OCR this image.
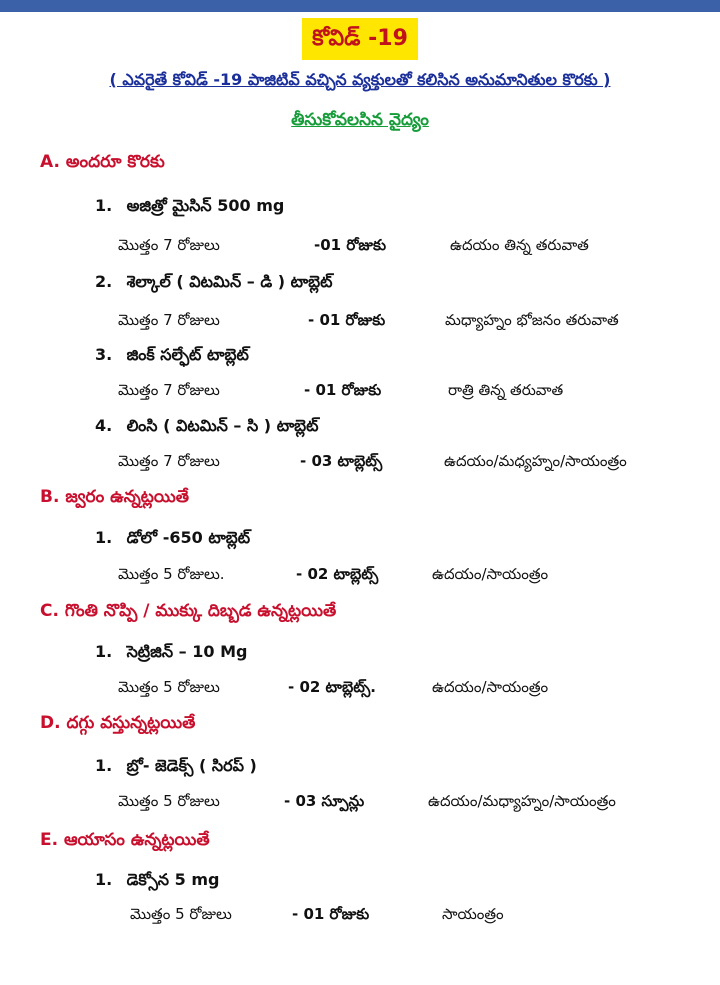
కోవిడ్ -19
( ఎవరైతే కోవిడ్ -19 పాజిటివ్ వచ్చిన వ్యక్తులతో కలిసిన అనుమానితుల కొరకు )
తీసుకోవలసిన వైద్యం
A. అందరూ కొరకు
1. అజిత్రో మైసిన్ 500 mg
మొత్తం 7 రోజులు	-01 రోజుకు	ఉదయం తిన్న తరువాత
2. శెల్కాల్ ( విటమిన్ – డి ) టాబ్లెట్
మొత్తం 7 రోజులు	- 01 రోజుకు	మధ్యాహ్నం భోజనం తరువాత
3. జింక్ సల్ఫేట్ టాబ్లెట్
మొత్తం 7 రోజులు	- 01 రోజుకు	రాత్రి తిన్న తరువాత
4. లింసి ( విటమిన్ – సి ) టాబ్లెట్
మొత్తం 7 రోజులు	- 03 టాబ్లెట్స్	ఉదయం/మధ్యహ్నం/సాయంత్రం
B. జ్వరం ఉన్నట్లయితే
1. డోలో -650 టాబ్లెట్
మొత్తం 5 రోజులు.	- 02 టాబ్లెట్స్	ఉదయం/సాయంత్రం
C. గొంతి నొప్పి / ముక్కు దిబ్బడ ఉన్నట్లయితే
1. సెట్రిజిన్ – 10 Mg
మొత్తం 5 రోజులు	- 02 టాబ్లెట్స్.	ఉదయం/సాయంత్రం
D. దగ్గు వస్తున్నట్లయితే
1. బ్రో- జెడెక్స్ ( సిరప్ )
మొత్తం 5 రోజులు	- 03 స్పూన్లు	ఉదయం/మధ్యాహ్నం/సాయంత్రం
E. ఆయాసం ఉన్నట్లయితే
1. డెక్సోన 5 mg
మొత్తం 5 రోజులు	- 01 రోజుకు	సాయంత్రం
